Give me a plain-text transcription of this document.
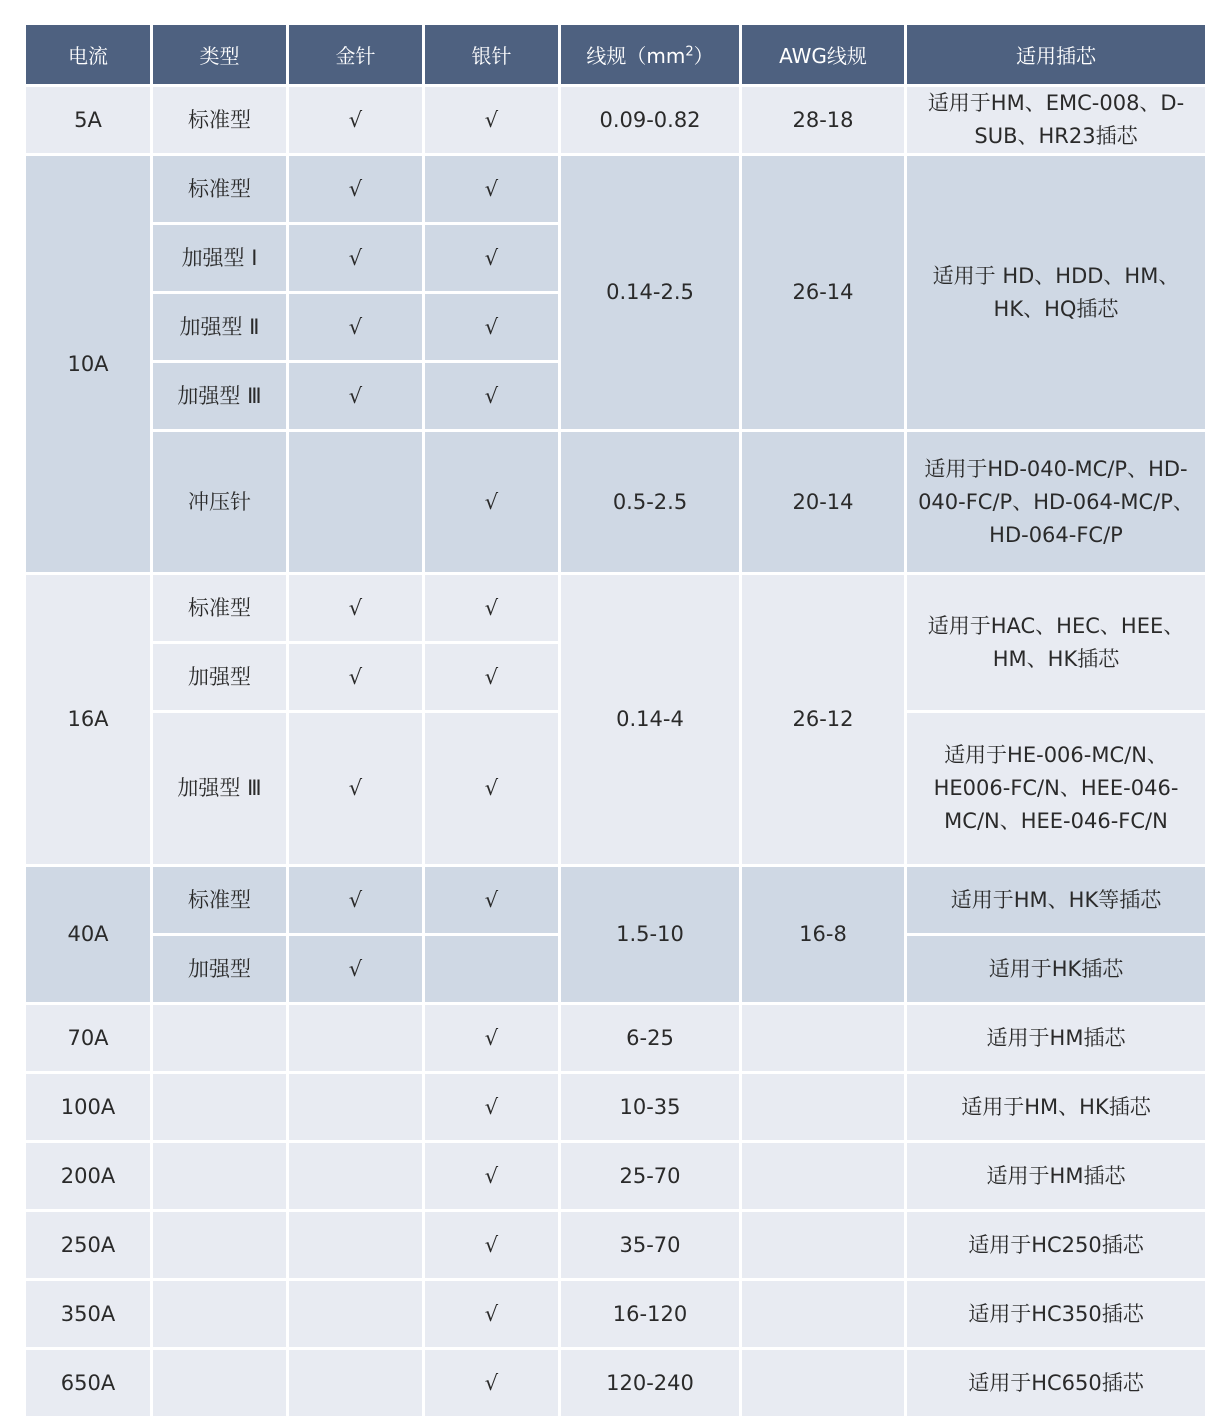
电流	类型	金针	银针	线规$(mm^2)$	AWG线规	适用插芯
5A	标准型	√	√	0.09-0.82	28-18	适用于HM、EMC-008、D-SUB、HR23插芯
10A	标准型	√	√	0.14-2.5	26-14	适用于 HD、HDD、HM、HK、HQ插芯
	加强型 Ⅰ	√	√			
	加强型 Ⅱ	√	√			
	加强型 Ⅲ	√	√			
	冲压针		√	0.5-2.5	20-14	适用于HD-040-MC/P、HD-040-FC/P、HD-064-MC/P、HD-064-FC/P
16A	标准型	√	√	0.14-4	26-12	适用于HAC、HEC、HEE、HM、HK插芯
	加强型	√	√			
	加强型 Ⅲ	√	√			适用于HE-006-MC/N、HE006-FC/N、HEE-046-MC/N、HEE-046-FC/N
40A	标准型	√	√	1.5-10	16-8	适用于HM、HK等插芯
	加强型	√				适用于HK插芯
70A			√	6-25		适用于HM插芯
100A			√	10-35		适用于HM、HK插芯
200A			√	25-70		适用于HM插芯
250A			√	35-70		适用于HC250插芯
350A			√	16-120		适用于HC350插芯
650A			√	120-240		适用于HC650插芯
